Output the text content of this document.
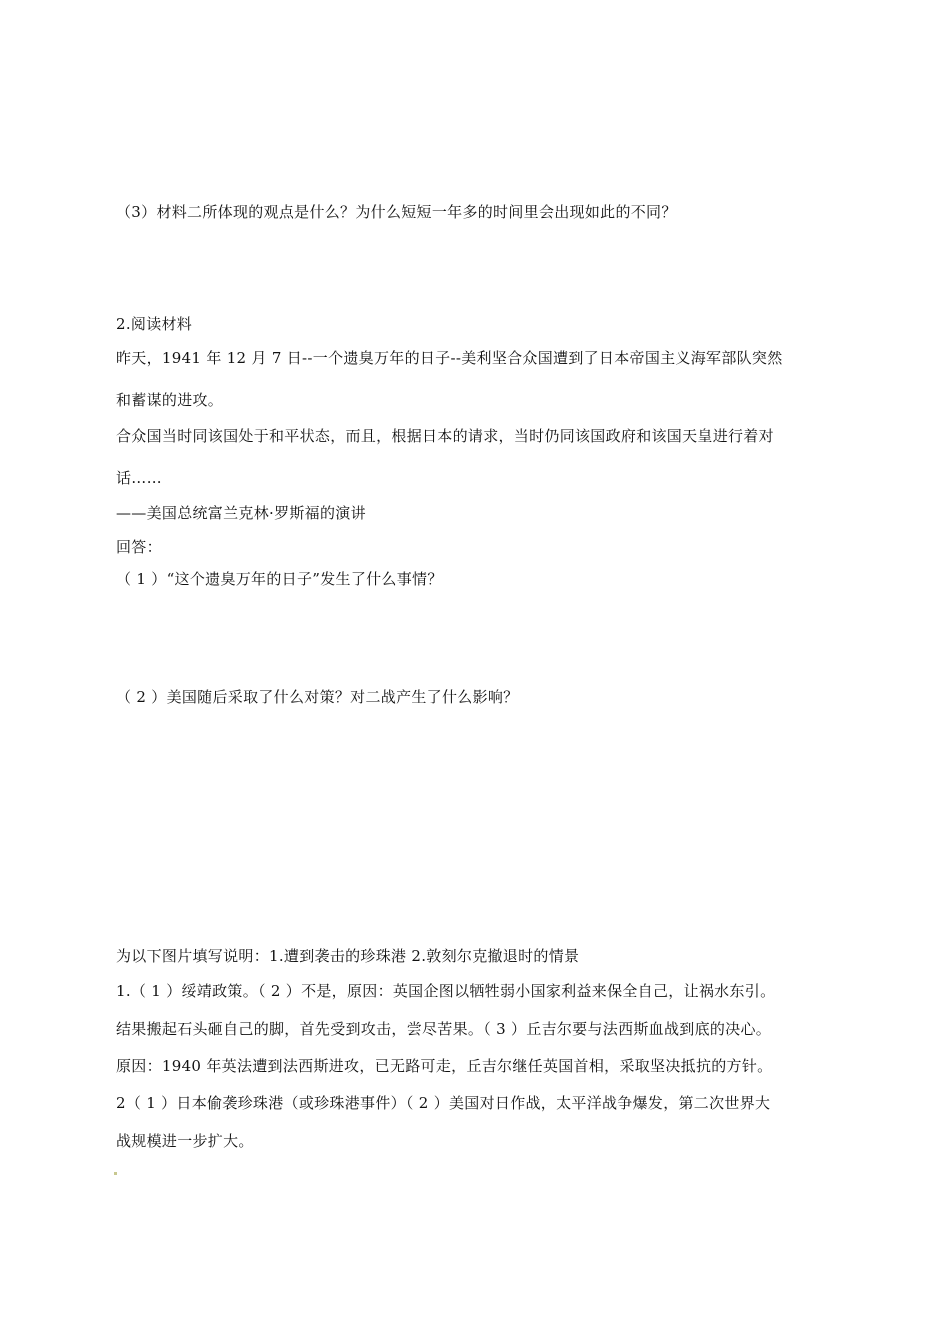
（3）材料二所体现的观点是什么？为什么短短一年多的时间里会出现如此的不同？
2.阅读材料
昨天，1941 年 12 月 7 日--一个遗臭万年的日子--美利坚合众国遭到了日本帝国主义海军部队突然
和蓄谋的进攻。
合众国当时同该国处于和平状态，而且，根据日本的请求，当时仍同该国政府和该国天皇进行着对
话……
——美国总统富兰克林·罗斯福的演讲
回答：
（ 1 ）“这个遗臭万年的日子”发生了什么事情？
（ 2 ）美国随后采取了什么对策？对二战产生了什么影响？
为以下图片填写说明：1.遭到袭击的珍珠港 2.敦刻尔克撤退时的情景
1.（ 1 ）绥靖政策。（ 2 ）不是，原因：英国企图以牺牲弱小国家利益来保全自己，让祸水东引。
结果搬起石头砸自己的脚，首先受到攻击，尝尽苦果。（ 3 ）丘吉尔要与法西斯血战到底的决心。
原因：1940 年英法遭到法西斯进攻，已无路可走，丘吉尔继任英国首相，采取坚决抵抗的方针。
2（ 1 ）日本偷袭珍珠港（或珍珠港事件）（ 2 ）美国对日作战，太平洋战争爆发，第二次世界大
战规模进一步扩大。
